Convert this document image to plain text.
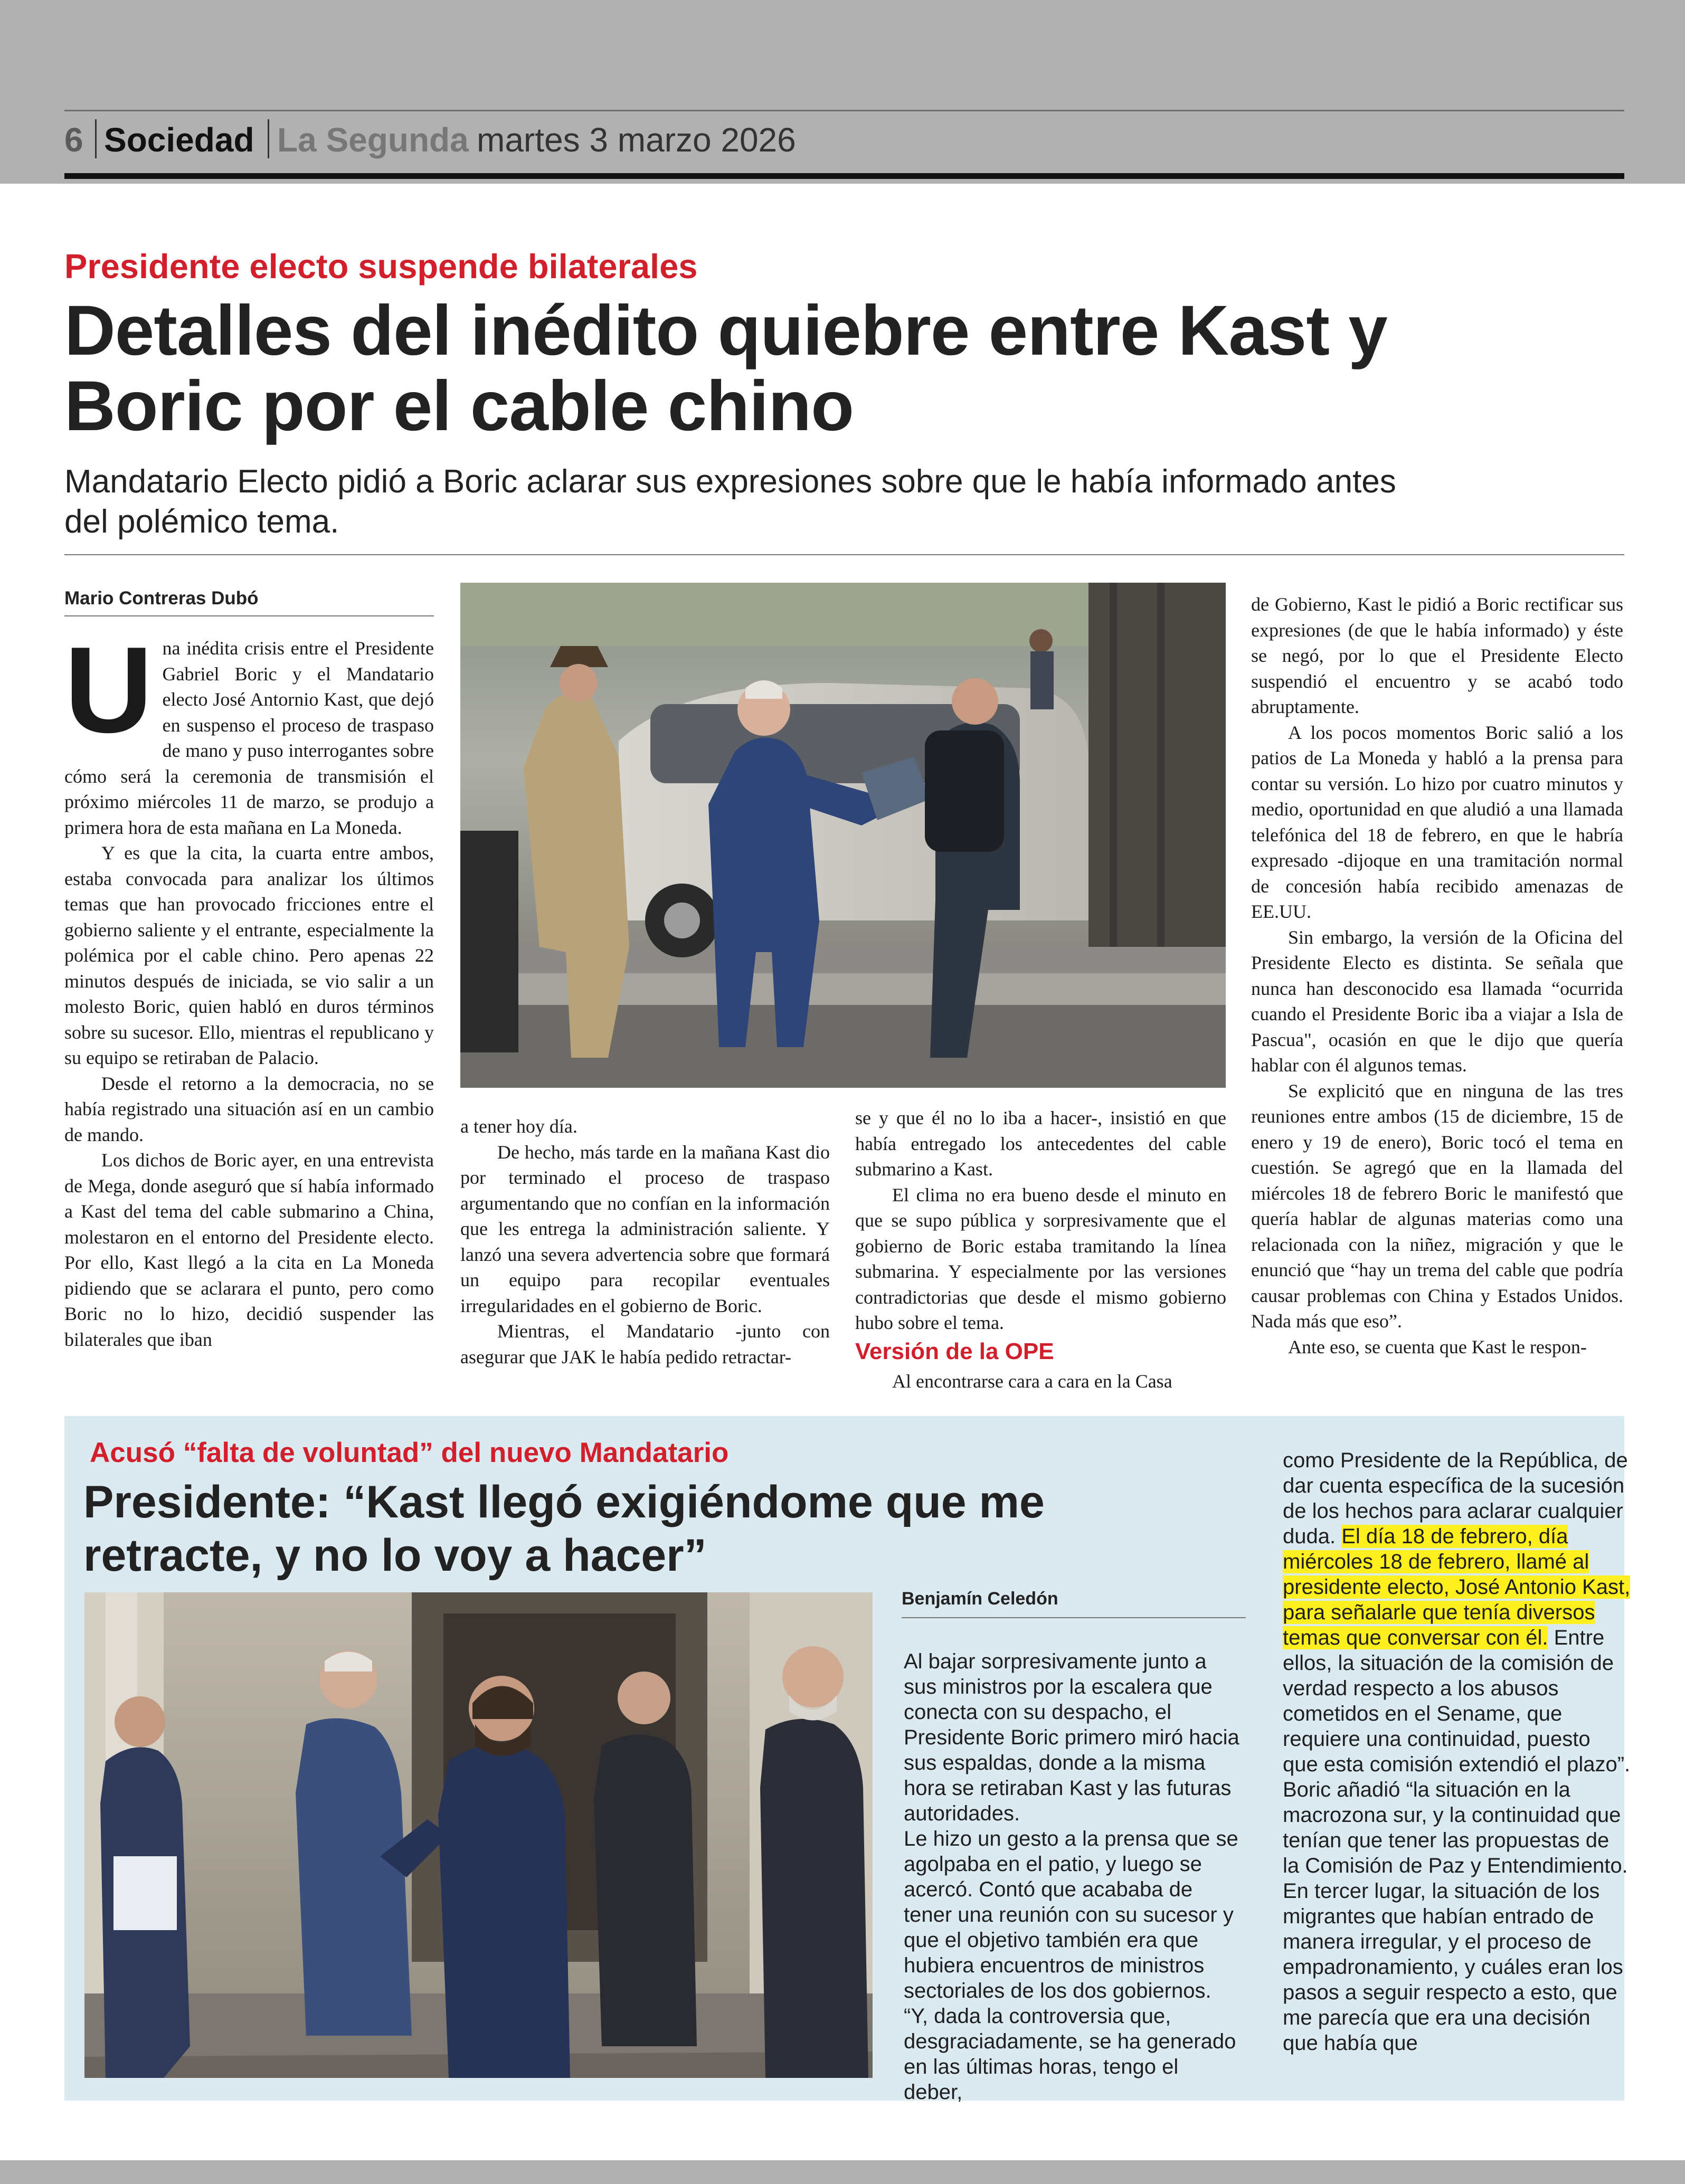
6 Sociedad La Segunda martes 3 marzo 2026
Presidente electo suspende bilaterales
Detalles del inédito quiebre entre Kast y Boric por el cable chino
Mandatario Electo pidió a Boric aclarar sus expresiones sobre que le había informado antes del polémico tema.
Mario Contreras Dubó
U na inédita crisis entre el Presidente Gabriel Boric y el Mandatario electo José Antornio Kast, que dejó en suspenso el proceso de traspaso de mano y puso interrogantes sobre cómo será la ceremonia de transmisión el próximo miércoles 11 de marzo, se produjo a primera hora de esta mañana en La Moneda.

Y es que la cita, la cuarta entre ambos, estaba convocada para analizar los últimos temas que han provocado fricciones entre el gobierno saliente y el entrante, especialmente la polémica por el cable chino. Pero apenas 22 minutos después de iniciada, se vio salir a un molesto Boric, quien habló en duros términos sobre su sucesor. Ello, mientras el republicano y su equipo se retiraban de Palacio.

Desde el retorno a la democracia, no se había registrado una situación así en un cambio de mando.

Los dichos de Boric ayer, en una entrevista de Mega, donde aseguró que sí había informado a Kast del tema del cable submarino a China, molestaron en el entorno del Presidente electo. Por ello, Kast llegó a la cita en La Moneda pidiendo que se aclarara el punto, pero como Boric no lo hizo, decidió suspender las bilaterales que iban

a tener hoy día.

De hecho, más tarde en la mañana Kast dio por terminado el proceso de traspaso argumentando que no confían en la información que les entrega la administración saliente. Y lanzó una severa advertencia sobre que formará un equipo para recopilar eventuales irregularidades en el gobierno de Boric.

Mientras, el Mandatario -junto con asegurar que JAK le había pedido retractar-

se y que él no lo iba a hacer-, insistió en que había entregado los antecedentes del cable submarino a Kast.

El clima no era bueno desde el minuto en que se supo pública y sorpresivamente que el gobierno de Boric estaba tramitando la línea submarina. Y especialmente por las versiones contradictorias que desde el mismo gobierno hubo sobre el tema.

Versión de la OPE

Al encontrarse cara a cara en la Casa

de Gobierno, Kast le pidió a Boric rectificar sus expresiones (de que le había informado) y éste se negó, por lo que el Presidente Electo suspendió el encuentro y se acabó todo abruptamente.

A los pocos momentos Boric salió a los patios de La Moneda y habló a la prensa para contar su versión. Lo hizo por cuatro minutos y medio, oportunidad en que aludió a una llamada telefónica del 18 de febrero, en que le habría expresado -dijoque en una tramitación normal de concesión había recibido amenazas de EE.UU.

Sin embargo, la versión de la Oficina del Presidente Electo es distinta. Se señala que nunca han desconocido esa llamada “ocurrida cuando el Presidente Boric iba a viajar a Isla de Pascua", ocasión en que le dijo que quería hablar con él algunos temas.

Se explicitó que en ninguna de las tres reuniones entre ambos (15 de diciembre, 15 de enero y 19 de enero), Boric tocó el tema en cuestión. Se agregó que en la llamada del miércoles 18 de febrero Boric le manifestó que quería hablar de algunas materias como una relacionada con la niñez, migración y que le enunció que “hay un trema del cable que podría causar problemas con China y Estados Unidos. Nada más que eso”.

Ante eso, se cuenta que Kast le respon-

Acusó “falta de voluntad” del nuevo Mandatario
Presidente: “Kast llegó exigiéndome que me retracte, y no lo voy a hacer”
Benjamín Celedón

Al bajar sorpresivamente junto a sus ministros por la escalera que conecta con su despacho, el Presidente Boric primero miró hacia sus espaldas, donde a la misma hora se retiraban Kast y las futuras autoridades.

Le hizo un gesto a la prensa que se agolpaba en el patio, y luego se acercó. Contó que acababa de tener una reunión con su sucesor y que el objetivo también era que hubiera encuentros de ministros sectoriales de los dos gobiernos.

“Y, dada la controversia que, desgraciadamente, se ha generado en las últimas horas, tengo el deber,

como Presidente de la República, de dar cuenta específica de la sucesión de los hechos para aclarar cualquier duda. El día 18 de febrero, día miércoles 18 de febrero, llamé al presidente electo, José Antonio Kast, para señalarle que tenía diversos temas que conversar con él. Entre ellos, la situación de la comisión de verdad respecto a los abusos cometidos en el Sename, que requiere una continuidad, puesto que esta comisión extendió el plazo”.

Boric añadió “la situación en la macrozona sur, y la continuidad que tenían que tener las propuestas de la Comisión de Paz y Entendimiento. En tercer lugar, la situación de los migrantes que habían entrado de manera irregular, y el proceso de empadronamiento, y cuáles eran los pasos a seguir respecto a esto, que me parecía que era una decisión que había que
